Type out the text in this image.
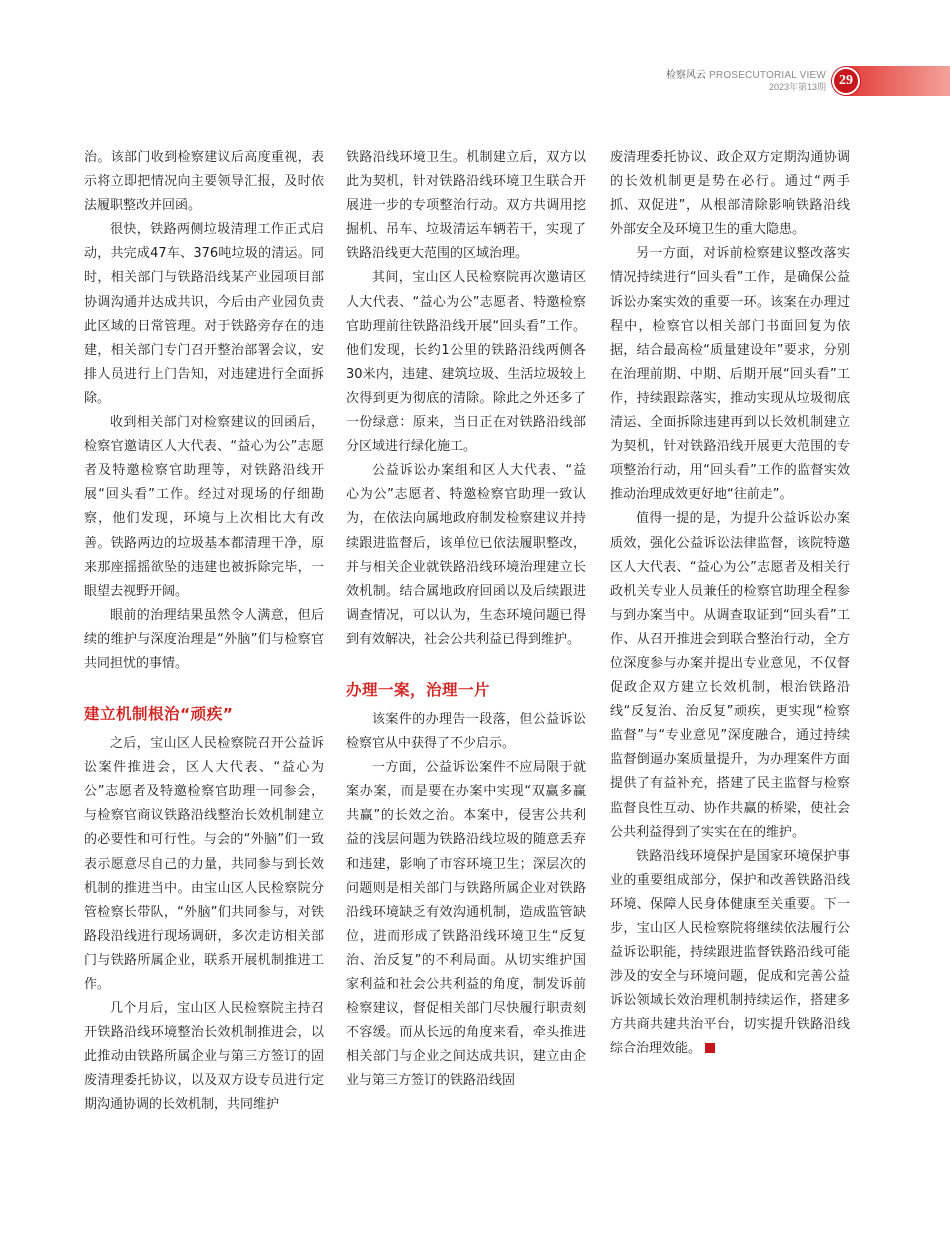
检察风云 PROSECUTORIAL VIEW
2023年第13期 29

治。该部门收到检察建议后高度重视，表示将立即把情况向主要领导汇报，及时依法履职整改并回函。

很快，铁路两侧垃圾清理工作正式启动，共完成47车、376吨垃圾的清运。同时，相关部门与铁路沿线某产业园项目部协调沟通并达成共识，今后由产业园负责此区域的日常管理。对于铁路旁存在的违建，相关部门专门召开整治部署会议，安排人员进行上门告知，对违建进行全面拆除。

收到相关部门对检察建议的回函后，检察官邀请区人大代表、“益心为公”志愿者及特邀检察官助理等，对铁路沿线开展“回头看”工作。经过对现场的仔细勘察，他们发现，环境与上次相比大有改善。铁路两边的垃圾基本都清理干净，原来那座摇摇欲坠的违建也被拆除完毕，一眼望去视野开阔。

眼前的治理结果虽然令人满意，但后续的维护与深度治理是“外脑”们与检察官共同担忧的事情。

建立机制根治“顽疾”

之后，宝山区人民检察院召开公益诉讼案件推进会，区人大代表、“益心为公”志愿者及特邀检察官助理一同参会，与检察官商议铁路沿线整治长效机制建立的必要性和可行性。与会的“外脑”们一致表示愿意尽自己的力量，共同参与到长效机制的推进当中。由宝山区人民检察院分管检察长带队，“外脑”们共同参与，对铁路段沿线进行现场调研，多次走访相关部门与铁路所属企业，联系开展机制推进工作。

几个月后，宝山区人民检察院主持召开铁路沿线环境整治长效机制推进会，以此推动由铁路所属企业与第三方签订的固废清理委托协议，以及双方设专员进行定期沟通协调的长效机制，共同维护

铁路沿线环境卫生。机制建立后，双方以此为契机，针对铁路沿线环境卫生联合开展进一步的专项整治行动。双方共调用挖掘机、吊车、垃圾清运车辆若干，实现了铁路沿线更大范围的区域治理。

其间，宝山区人民检察院再次邀请区人大代表、“益心为公”志愿者、特邀检察官助理前往铁路沿线开展“回头看”工作。他们发现，长约1公里的铁路沿线两侧各30米内，违建、建筑垃圾、生活垃圾较上次得到更为彻底的清除。除此之外还多了一份绿意：原来，当日正在对铁路沿线部分区域进行绿化施工。

公益诉讼办案组和区人大代表、“益心为公”志愿者、特邀检察官助理一致认为，在依法向属地政府制发检察建议并持续跟进监督后，该单位已依法履职整改，并与相关企业就铁路沿线环境治理建立长效机制。结合属地政府回函以及后续跟进调查情况，可以认为，生态环境问题已得到有效解决，社会公共利益已得到维护。

办理一案，治理一片

该案件的办理告一段落，但公益诉讼检察官从中获得了不少启示。

一方面，公益诉讼案件不应局限于就案办案，而是要在办案中实现“双赢多赢共赢”的长效之治。本案中，侵害公共利益的浅层问题为铁路沿线垃圾的随意丢弃和违建，影响了市容环境卫生；深层次的问题则是相关部门与铁路所属企业对铁路沿线环境缺乏有效沟通机制，造成监管缺位，进而形成了铁路沿线环境卫生“反复治、治反复”的不利局面。从切实维护国家利益和社会公共利益的角度，制发诉前检察建议，督促相关部门尽快履行职责刻不容缓。而从长远的角度来看，牵头推进相关部门与企业之间达成共识，建立由企业与第三方签订的铁路沿线固

废清理委托协议、政企双方定期沟通协调的长效机制更是势在必行。通过“两手抓、双促进”，从根部清除影响铁路沿线外部安全及环境卫生的重大隐患。

另一方面，对诉前检察建议整改落实情况持续进行“回头看”工作，是确保公益诉讼办案实效的重要一环。该案在办理过程中，检察官以相关部门书面回复为依据，结合最高检“质量建设年”要求，分别在治理前期、中期、后期开展“回头看”工作，持续跟踪落实，推动实现从垃圾彻底清运、全面拆除违建再到以长效机制建立为契机，针对铁路沿线开展更大范围的专项整治行动，用“回头看”工作的监督实效推动治理成效更好地“往前走”。

值得一提的是，为提升公益诉讼办案质效，强化公益诉讼法律监督，该院特邀区人大代表、“益心为公”志愿者及相关行政机关专业人员兼任的检察官助理全程参与到办案当中。从调查取证到“回头看”工作、从召开推进会到联合整治行动，全方位深度参与办案并提出专业意见，不仅督促政企双方建立长效机制，根治铁路沿线“反复治、治反复”顽疾，更实现“检察监督”与“专业意见”深度融合，通过持续监督倒逼办案质量提升，为办理案件方面提供了有益补充，搭建了民主监督与检察监督良性互动、协作共赢的桥梁，使社会公共利益得到了实实在在的维护。

铁路沿线环境保护是国家环境保护事业的重要组成部分，保护和改善铁路沿线环境、保障人民身体健康至关重要。下一步，宝山区人民检察院将继续依法履行公益诉讼职能，持续跟进监督铁路沿线可能涉及的安全与环境问题，促成和完善公益诉讼领域长效治理机制持续运作，搭建多方共商共建共治平台，切实提升铁路沿线综合治理效能。	◆
